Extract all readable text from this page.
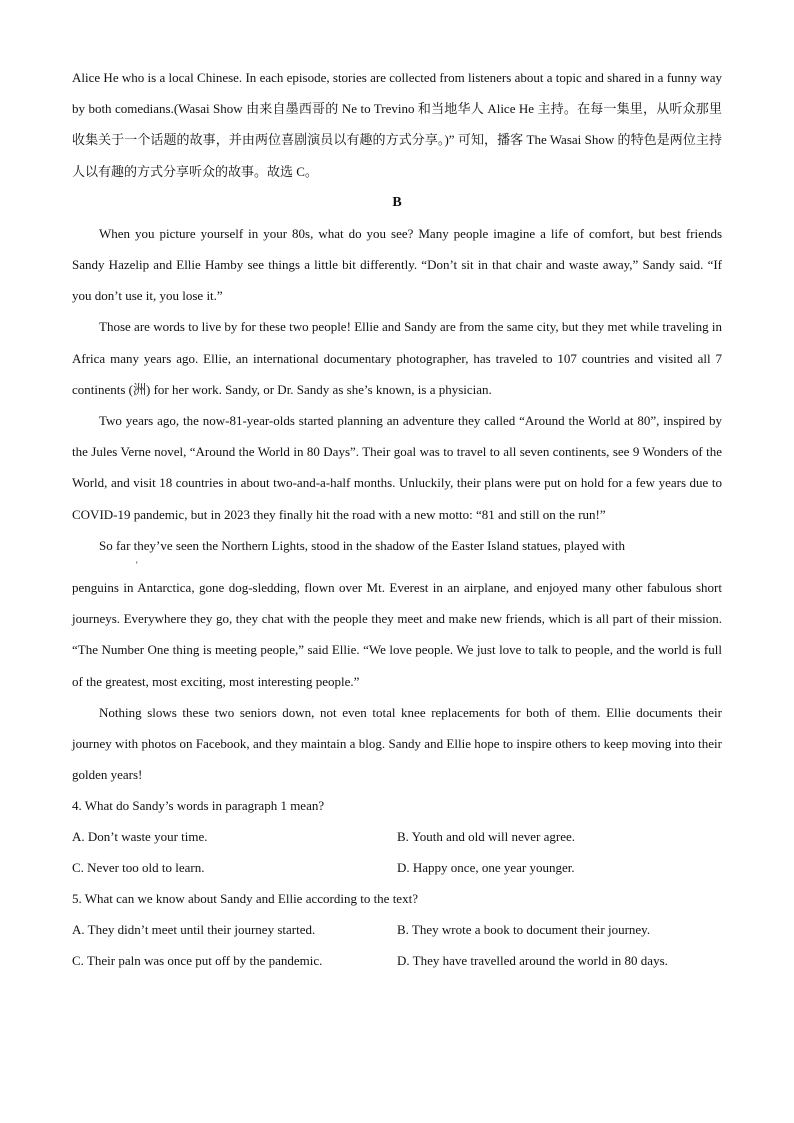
Alice He who is a local Chinese. In each episode, stories are collected from listeners about a topic and shared in a funny way by both comedians.(Wasai Show 由来自墨西哥的 Ne to Trevino 和当地华人 Alice He 主持。在每一集里，从听众那里收集关于一个话题的故事，并由两位喜剧演员以有趣的方式分享。)” 可知，播客 The Wasai Show 的特色是两位主持人以有趣的方式分享听众的故事。故选 C。

B

When you picture yourself in your 80s, what do you see? Many people imagine a life of comfort, but best friends Sandy Hazelip and Ellie Hamby see things a little bit differently. “Don’t sit in that chair and waste away,” Sandy said. “If you don’t use it, you lose it.”

Those are words to live by for these two people! Ellie and Sandy are from the same city, but they met while traveling in Africa many years ago. Ellie, an international documentary photographer, has traveled to 107 countries and visited all 7 continents (洲) for her work. Sandy, or Dr. Sandy as she’s known, is a physician.

Two years ago, the now-81-year-olds started planning an adventure they called “Around the World at 80”, inspired by the Jules Verne novel, “Around the World in 80 Days”. Their goal was to travel to all seven continents, see 9 Wonders of the World, and visit 18 countries in about two-and-a-half months. Unluckily, their plans were put on hold for a few years due to COVID-19 pandemic, but in 2023 they finally hit the road with a new motto: “81 and still on the run!”

So far they’ve seen the Northern Lights, stood in the shadow of the Easter Island statues, played with

'

penguins in Antarctica, gone dog-sledding, flown over Mt. Everest in an airplane, and enjoyed many other fabulous short journeys. Everywhere they go, they chat with the people they meet and make new friends, which is all part of their mission. “The Number One thing is meeting people,” said Ellie. “We love people. We just love to talk to people, and the world is full of the greatest, most exciting, most interesting people.”

Nothing slows these two seniors down, not even total knee replacements for both of them. Ellie documents their journey with photos on Facebook, and they maintain a blog. Sandy and Ellie hope to inspire others to keep moving into their golden years!

4. What do Sandy’s words in paragraph 1 mean?
A. Don’t waste your time.	B. Youth and old will never agree.
C. Never too old to learn.	D. Happy once, one year younger.
5. What can we know about Sandy and Ellie according to the text?
A. They didn’t meet until their journey started.	B. They wrote a book to document their journey.
C. Their paln was once put off by the pandemic.	D. They have travelled around the world in 80 days.
